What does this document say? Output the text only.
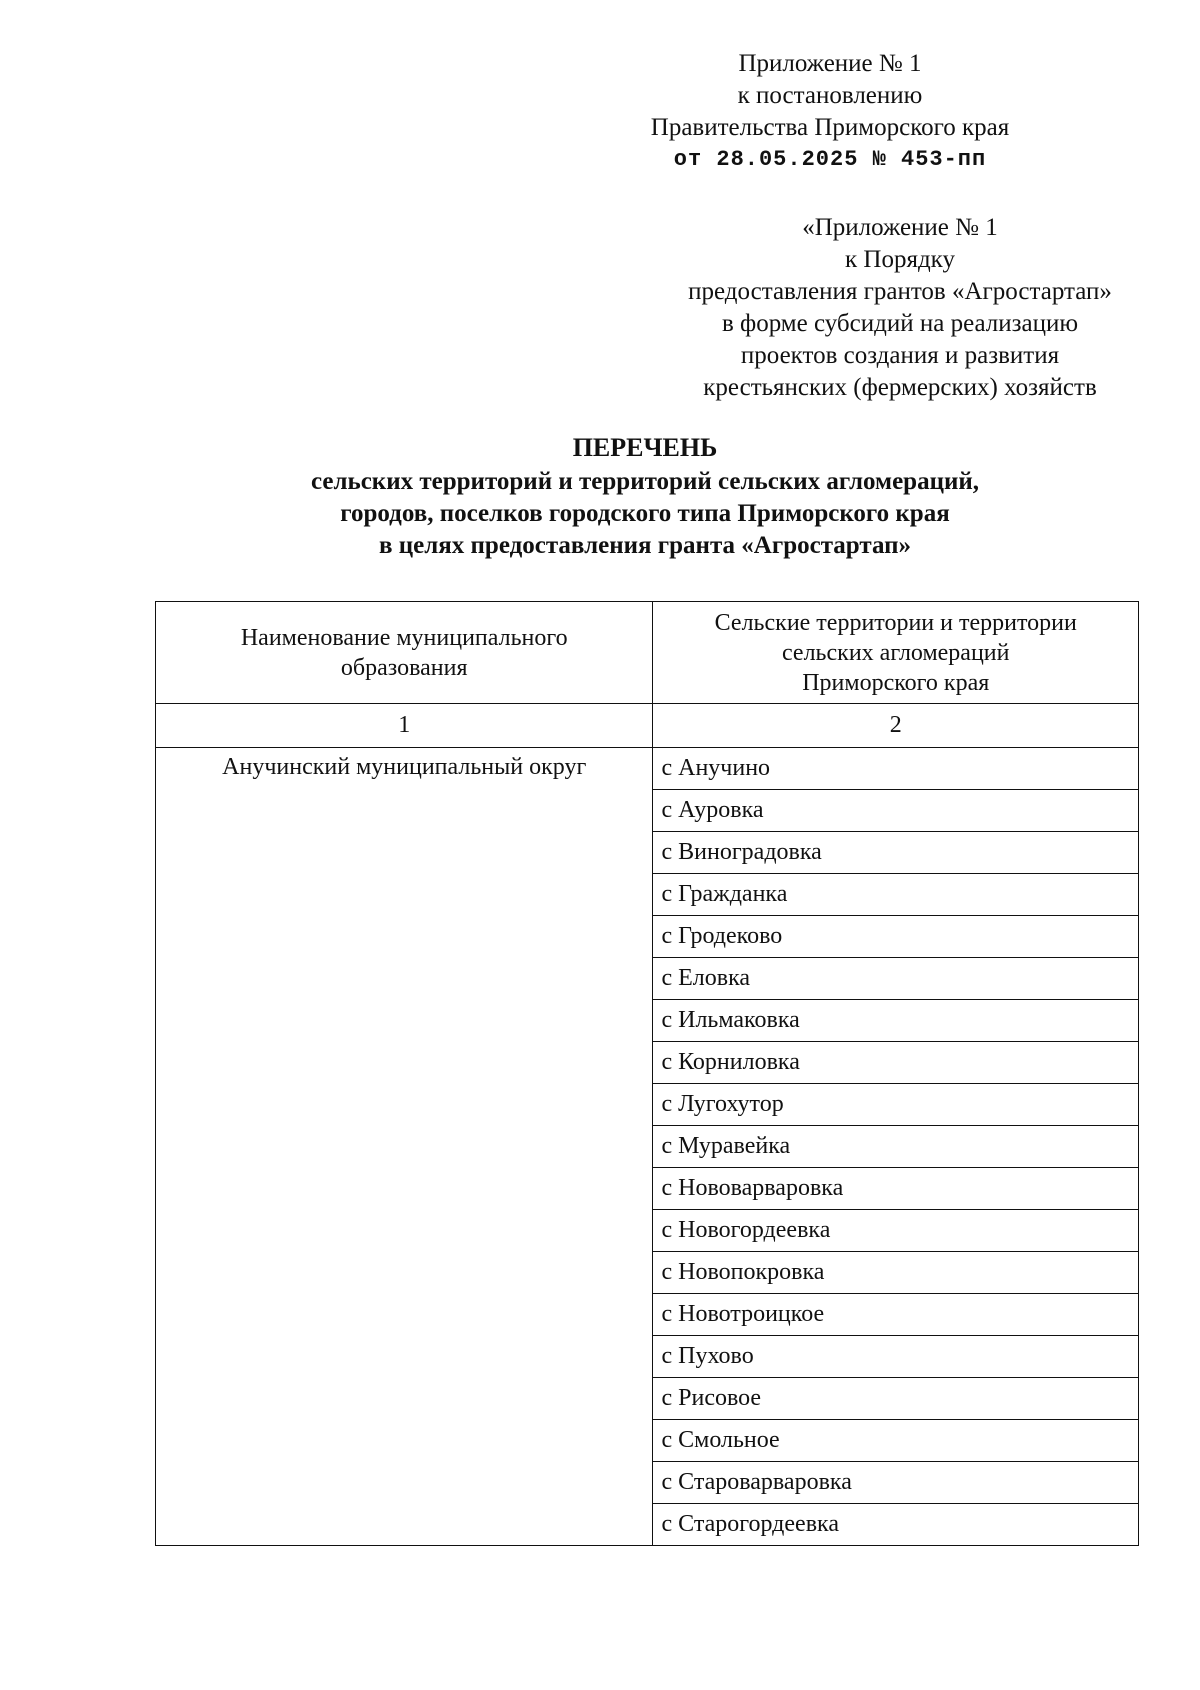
Приложение № 1
к постановлению
Правительства Приморского края
от 28.05.2025 № 453-пп
«Приложение № 1
к Порядку
предоставления грантов «Агростартап»
в форме субсидий на реализацию
проектов создания и развития
крестьянских (фермерских) хозяйств
ПЕРЕЧЕНЬ
сельских территорий и территорий сельских агломераций,
городов, поселков городского типа Приморского края
в целях предоставления гранта «Агростартап»
Наименование муниципального
образования	Сельские территории и территории
сельских агломераций
Приморского края

1	2
Анучинский муниципальный округ	с Анучино
	с Ауровка
	с Виноградовка
	с Гражданка
	с Гродеково
	с Еловка
	с Ильмаковка
	с Корниловка
	с Лугохутор
	с Муравейка
	с Нововарваровка
	с Новогордеевка
	с Новопокровка
	с Новотроицкое
	с Пухово
	с Рисовое
	с Смольное
	с Староварваровка
	с Старогордеевка
